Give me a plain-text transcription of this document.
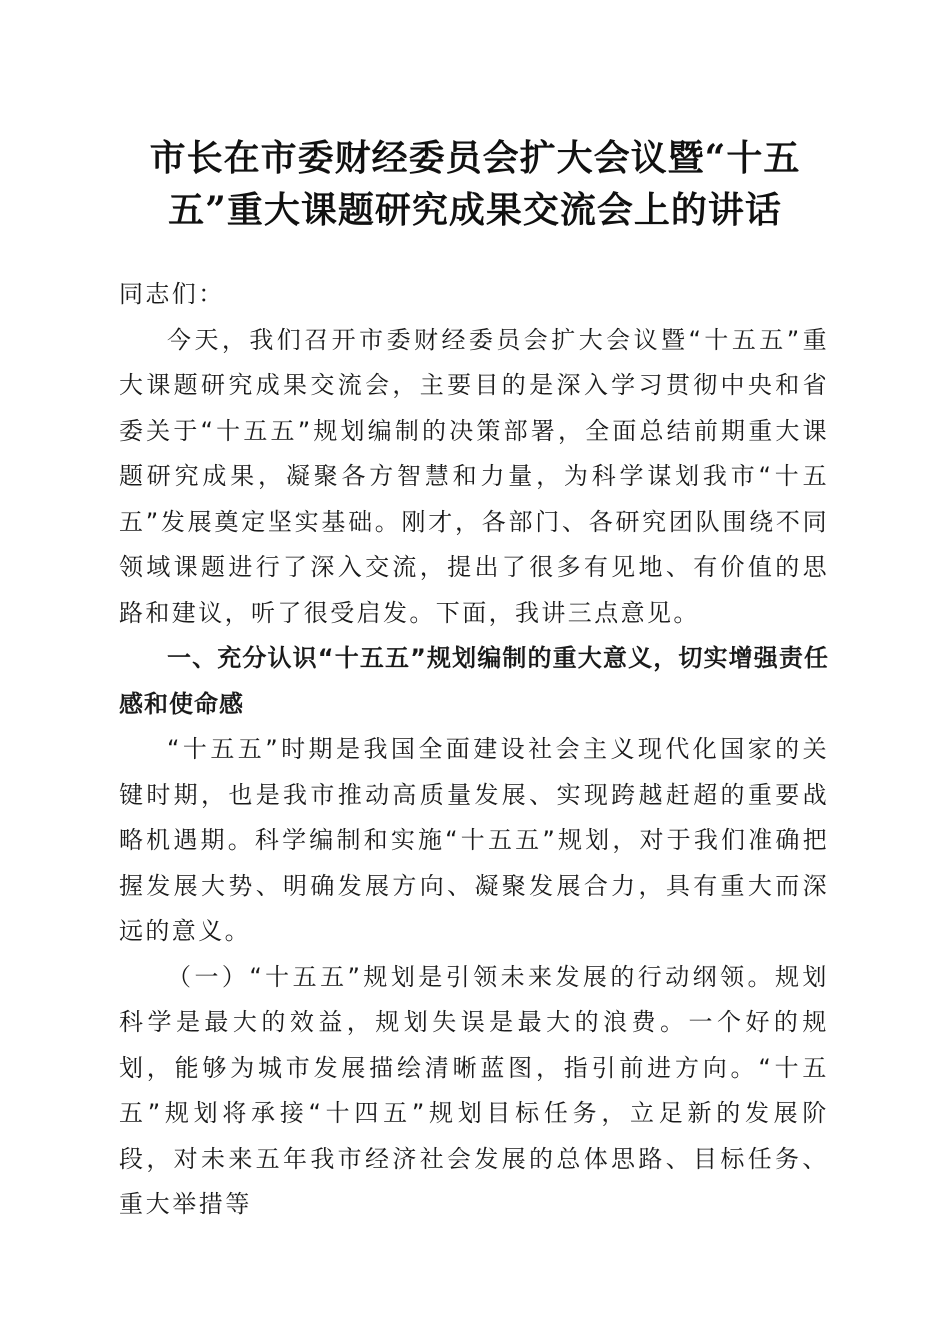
市长在市委财经委员会扩大会议暨“十五
五”重大课题研究成果交流会上的讲话

同志们：

今天，我们召开市委财经委员会扩大会议暨“十五五”重大课题研究成果交流会，主要目的是深入学习贯彻中央和省委关于“十五五”规划编制的决策部署，全面总结前期重大课题研究成果，凝聚各方智慧和力量，为科学谋划我市“十五五”发展奠定坚实基础。刚才，各部门、各研究团队围绕不同领域课题进行了深入交流，提出了很多有见地、有价值的思路和建议，听了很受启发。下面，我讲三点意见。

一、充分认识“十五五”规划编制的重大意义，切实增强责任感和使命感

“十五五”时期是我国全面建设社会主义现代化国家的关键时期，也是我市推动高质量发展、实现跨越赶超的重要战略机遇期。科学编制和实施“十五五”规划，对于我们准确把握发展大势、明确发展方向、凝聚发展合力，具有重大而深远的意义。

（一）“十五五”规划是引领未来发展的行动纲领。规划科学是最大的效益，规划失误是最大的浪费。一个好的规划，能够为城市发展描绘清晰蓝图，指引前进方向。“十五五”规划将承接“十四五”规划目标任务，立足新的发展阶段，对未来五年我市经济社会发展的总体思路、目标任务、重大举措等
